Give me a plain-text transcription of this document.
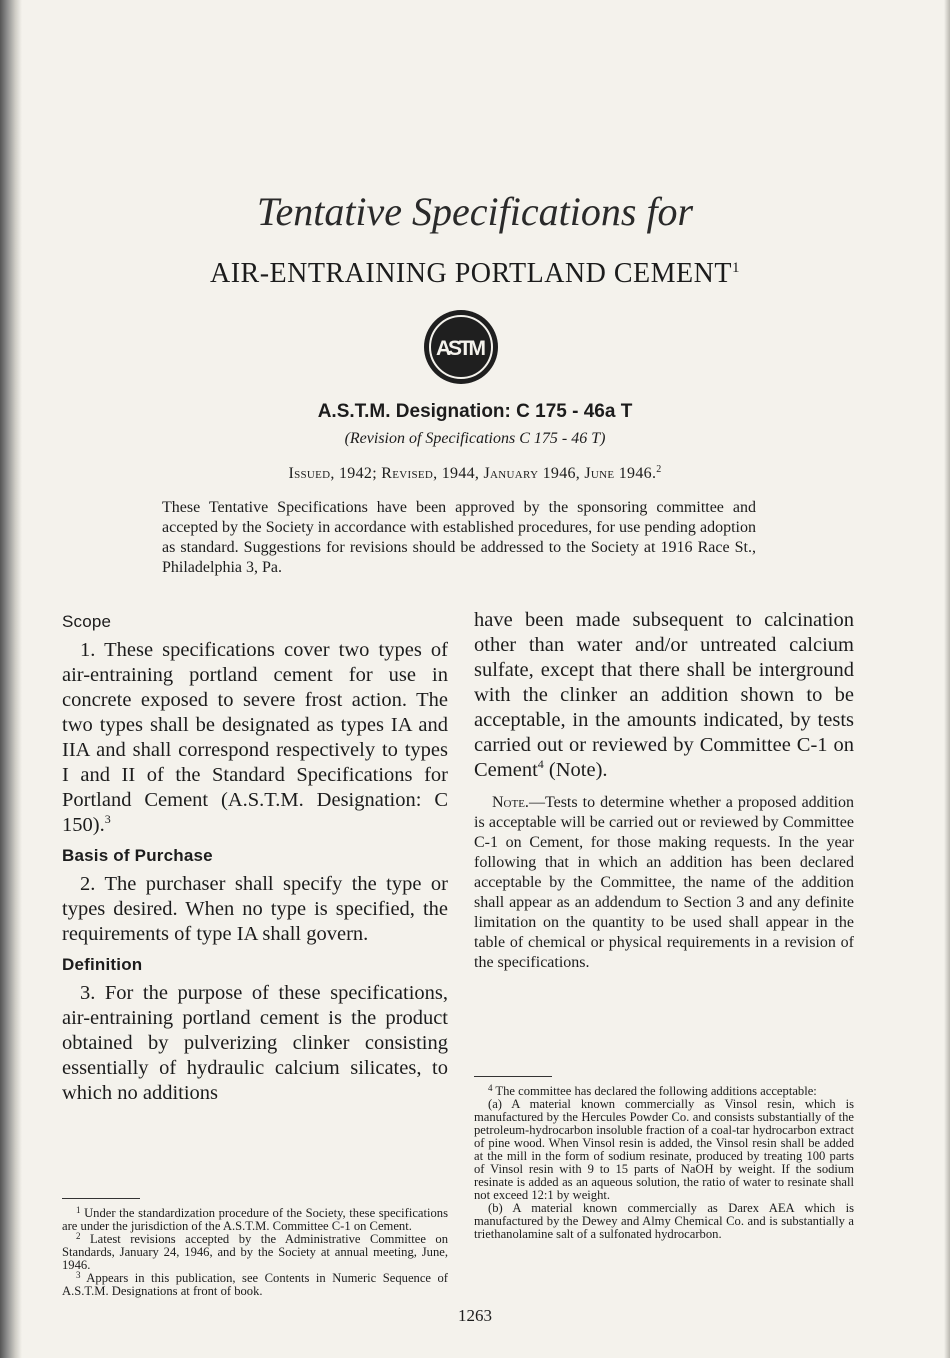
Tentative Specifications for
AIR-ENTRAINING PORTLAND CEMENT$^1$
ASTM
A.S.T.M. Designation: C 175 - 46a T
(Revision of Specifications C 175 - 46 T)
Issued, 1942; Revised, 1944, January 1946, June 1946.$^2$
These Tentative Specifications have been approved by the sponsoring committee and accepted by the Society in accordance with established procedures, for use pending adoption as standard. Suggestions for revisions should be addressed to the Society at 1916 Race St., Philadelphia 3, Pa.
Scope

1. These specifications cover two types of air-entraining portland cement for use in concrete exposed to severe frost action. The two types shall be designated as types IA and IIA and shall correspond respectively to types I and II of the Standard Specifications for Portland Cement (A.S.T.M. Designation: C 150).$^3$

Basis of Purchase

2. The purchaser shall specify the type or types desired. When no type is specified, the requirements of type IA shall govern.

Definition

3. For the purpose of these specifications, air-entraining portland cement is the product obtained by pulverizing clinker consisting essentially of hydraulic calcium silicates, to which no additions

$^1$ Under the standardization procedure of the Society, these specifications are under the jurisdiction of the A.S.T.M. Committee C-1 on Cement.

$^2$ Latest revisions accepted by the Administrative Committee on Standards, January 24, 1946, and by the Society at annual meeting, June, 1946.

$^3$ Appears in this publication, see Contents in Numeric Sequence of A.S.T.M. Designations at front of book.

have been made subsequent to calcination other than water and/or untreated calcium sulfate, except that there shall be interground with the clinker an addition shown to be acceptable, in the amounts indicated, by tests carried out or reviewed by Committee C-1 on Cement$^4$ (Note).

Note.—Tests to determine whether a proposed addition is acceptable will be carried out or reviewed by Committee C-1 on Cement, for those making requests. In the year following that in which an addition has been declared acceptable by the Committee, the name of the addition shall appear as an addendum to Section 3 and any definite limitation on the quantity to be used shall appear in the table of chemical or physical requirements in a revision of the specifications.

$^4$ The committee has declared the following additions acceptable:

(a) A material known commercially as Vinsol resin, which is manufactured by the Hercules Powder Co. and consists substantially of the petroleum-hydrocarbon insoluble fraction of a coal-tar hydrocarbon extract of pine wood. When Vinsol resin is added, the Vinsol resin shall be added at the mill in the form of sodium resinate, produced by treating 100 parts of Vinsol resin with 9 to 15 parts of NaOH by weight. If the sodium resinate is added as an aqueous solution, the ratio of water to resinate shall not exceed 12:1 by weight.

(b) A material known commercially as Darex AEA which is manufactured by the Dewey and Almy Chemical Co. and is substantially a triethanolamine salt of a sulfonated hydrocarbon.

1263
